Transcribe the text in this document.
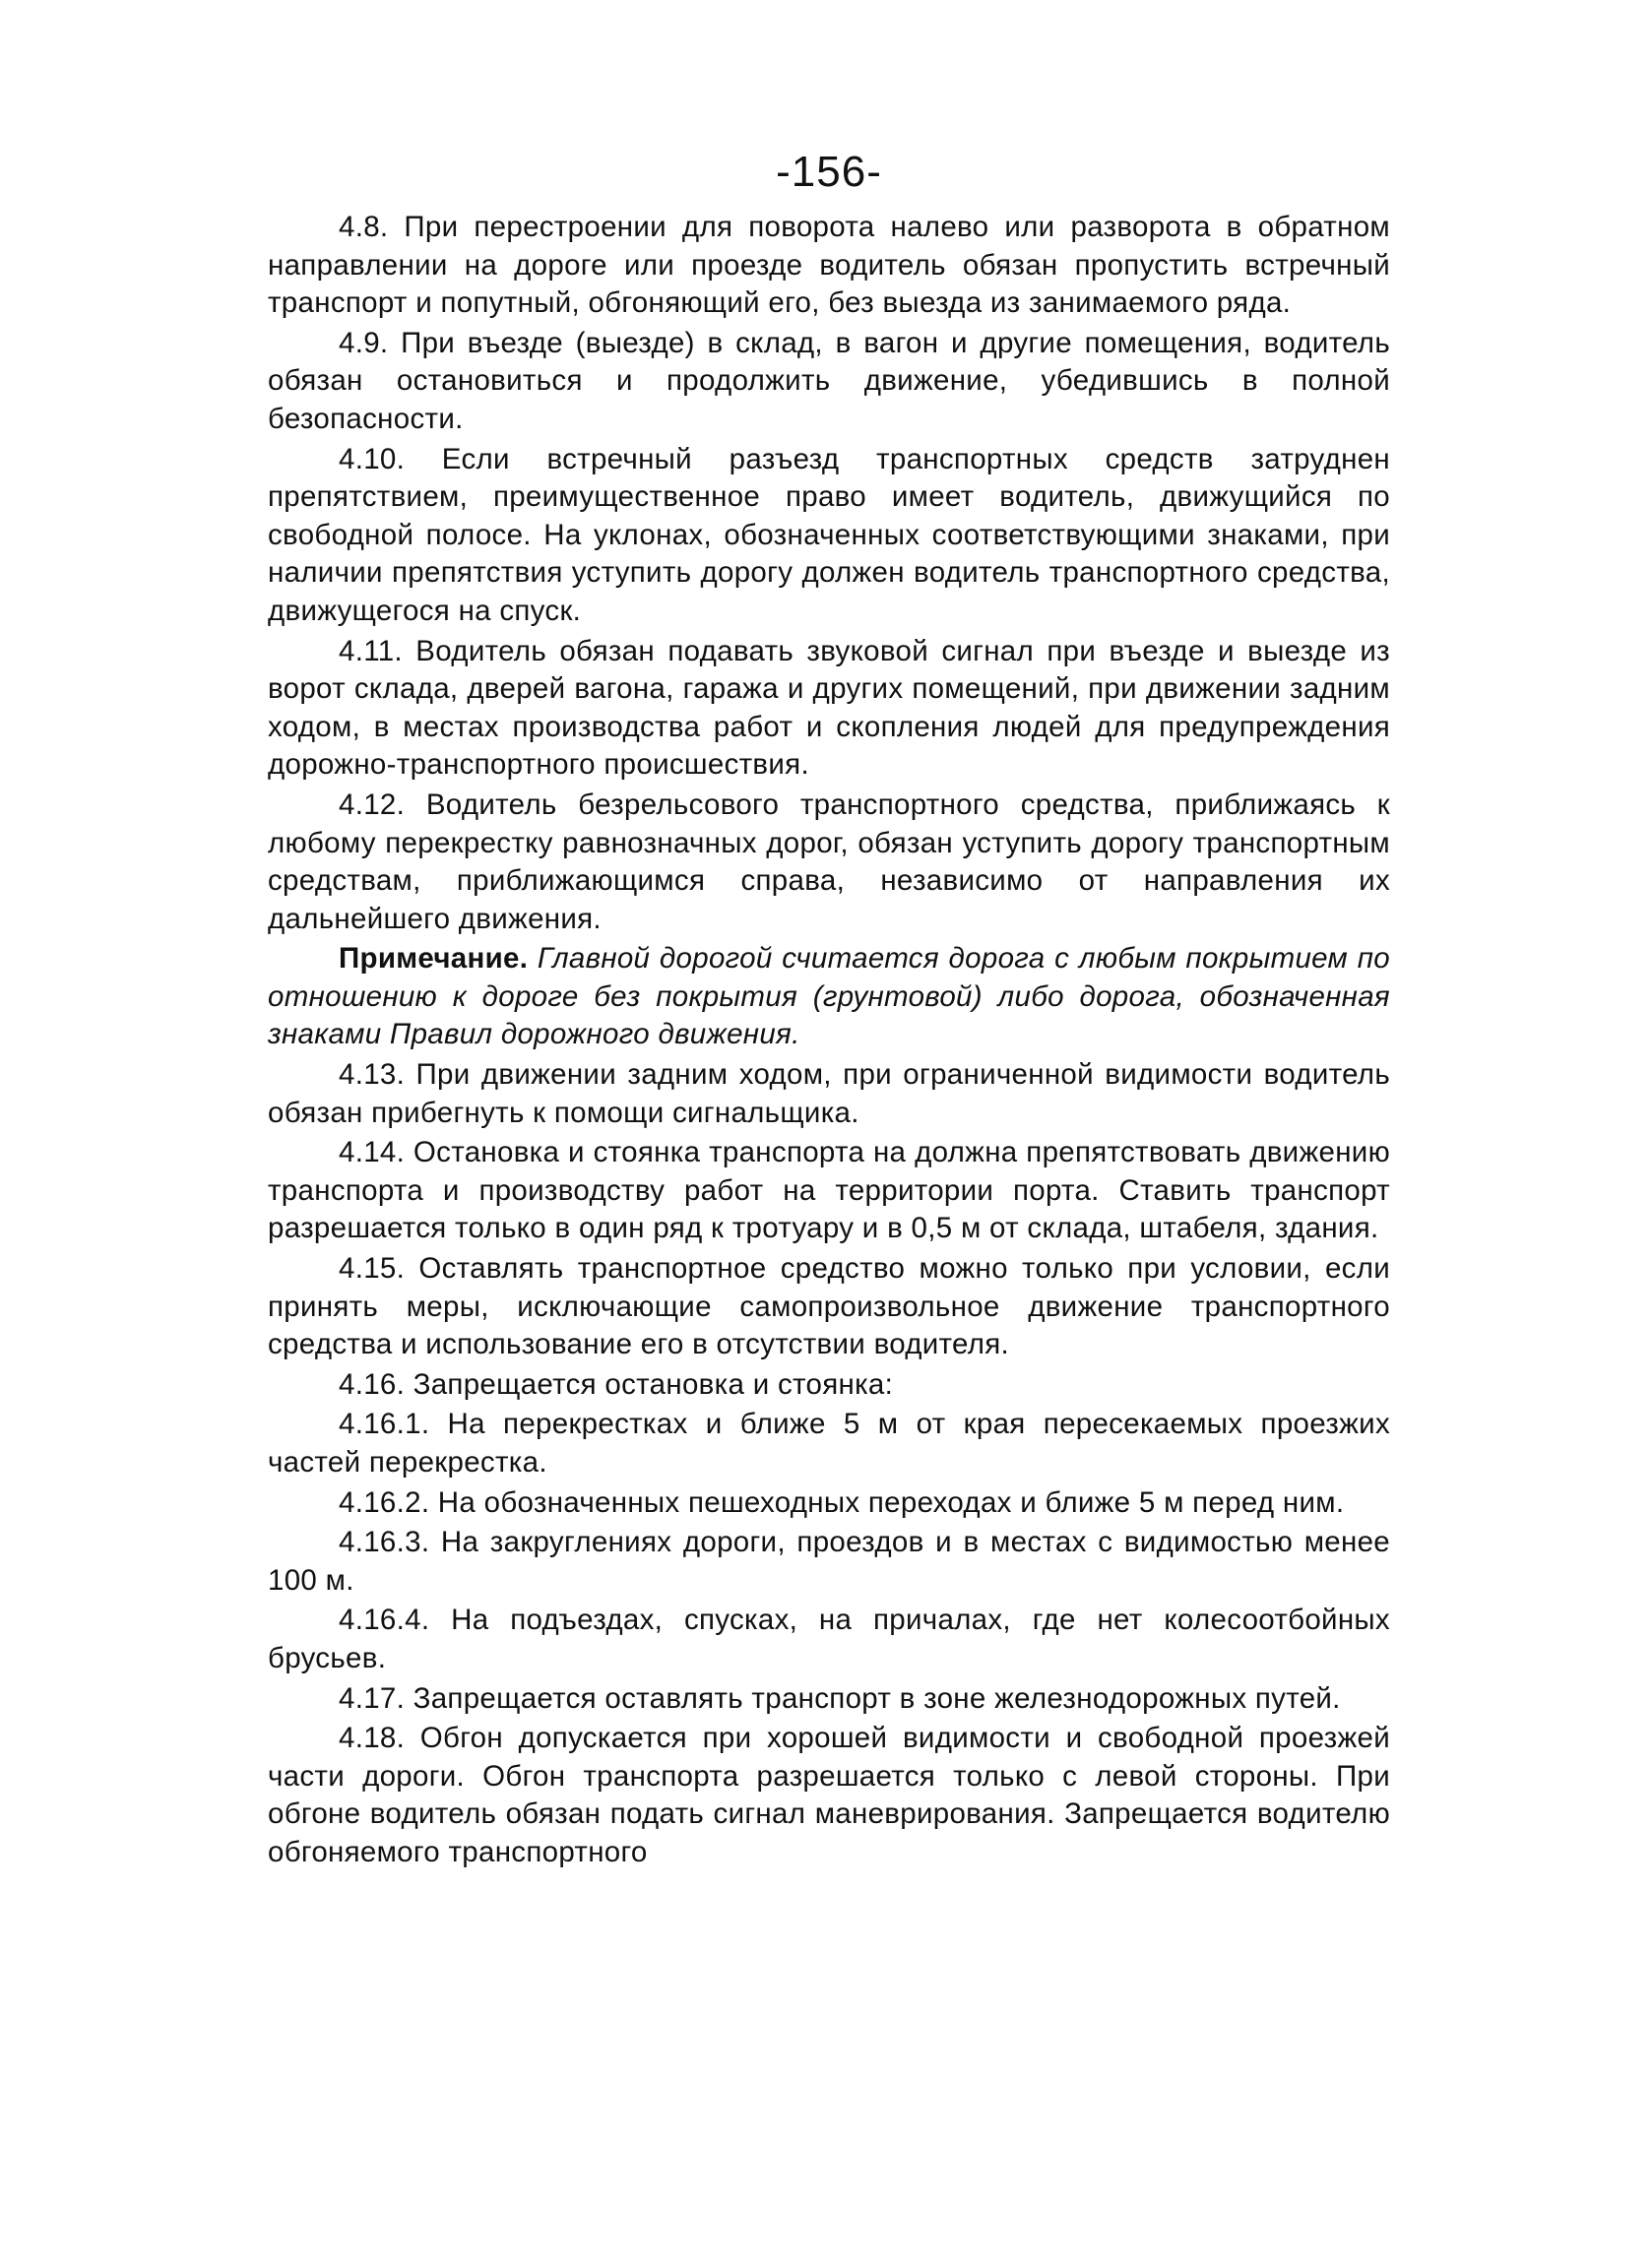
-156-

4.8. При перестроении для поворота налево или разворота в обратном направлении на дороге или проезде водитель обязан пропустить встречный транспорт и попутный, обгоняющий его, без выезда из занимаемого ряда.

4.9. При въезде (выезде) в склад, в вагон и другие помещения, водитель обязан остановиться и продолжить движение, убедившись в полной безопасности.

4.10. Если встречный разъезд транспортных средств затруднен препятствием, преимущественное право имеет водитель, движущийся по свободной полосе. На уклонах, обозначенных соответствующими знаками, при наличии препятствия уступить дорогу должен водитель транспортного средства, движущегося на спуск.

4.11. Водитель обязан подавать звуковой сигнал при въезде и выезде из ворот склада, дверей вагона, гаража и других помещений, при движении задним ходом, в местах производства работ и скопления людей для предупреждения дорожно-транспортного происшествия.

4.12. Водитель безрельсового транспортного средства, приближаясь к любому перекрестку равнозначных дорог, обязан уступить дорогу транспортным средствам, приближающимся справа, независимо от направления их дальнейшего движения.

Примечание. Главной дорогой считается дорога с любым покрытием по отношению к дороге без покрытия (грунтовой) либо дорога, обозначенная знаками Правил дорожного движения.

4.13. При движении задним ходом, при ограниченной видимости водитель обязан прибегнуть к помощи сигнальщика.

4.14. Остановка и стоянка транспорта на должна препятствовать движению транспорта и производству работ на территории порта. Ставить транспорт разрешается только в один ряд к тротуару и в 0,5 м от склада, штабеля, здания.

4.15. Оставлять транспортное средство можно только при условии, если принять меры, исключающие самопроизвольное движение транспортного средства и использование его в отсутствии водителя.

4.16. Запрещается остановка и стоянка:

4.16.1. На перекрестках и ближе 5 м от края пересекаемых проезжих частей перекрестка.

4.16.2. На обозначенных пешеходных переходах и ближе 5 м перед ним.

4.16.3. На закруглениях дороги, проездов и в местах с видимостью менее 100 м.

4.16.4. На подъездах, спусках, на причалах, где нет колесоотбойных брусьев.

4.17. Запрещается оставлять транспорт в зоне железнодорожных путей.

4.18. Обгон допускается при хорошей видимости и свободной проезжей части дороги. Обгон транспорта разрешается только с левой стороны. При обгоне водитель обязан подать сигнал маневрирования. Запрещается водителю обгоняемого транспортного
